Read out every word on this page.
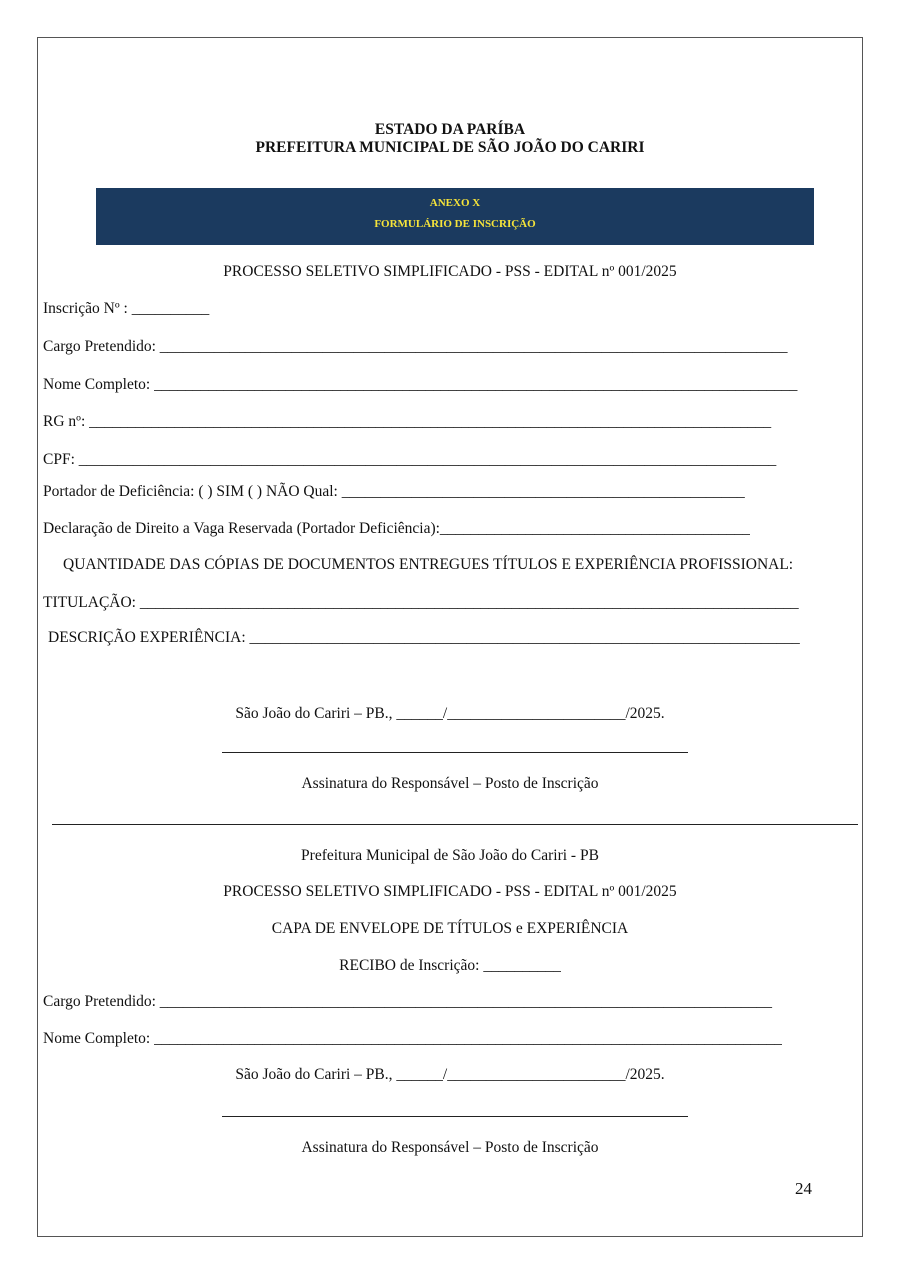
ESTADO DA PARÍBA
PREFEITURA MUNICIPAL DE SÃO JOÃO DO CARIRI
ANEXO X
FORMULÁRIO DE INSCRIÇÃO
PROCESSO SELETIVO SIMPLIFICADO - PSS - EDITAL nº 001/2025
Inscrição Nº : __________
Cargo Pretendido: _________________________________________________________________________________
Nome Completo: ___________________________________________________________________________________
RG nº: ________________________________________________________________________________________
CPF: __________________________________________________________________________________________
Portador de Deficiência: ( ) SIM ( ) NÃO Qual: ____________________________________________________
Declaração de Direito a Vaga Reservada (Portador Deficiência):________________________________________
QUANTIDADE DAS CÓPIAS DE DOCUMENTOS ENTREGUES TÍTULOS E EXPERIÊNCIA PROFISSIONAL:
TITULAÇÃO: _____________________________________________________________________________________
DESCRIÇÃO EXPERIÊNCIA: _______________________________________________________________________
São João do Cariri – PB., ______/_______________________/2025.
Assinatura do Responsável – Posto de Inscrição
Prefeitura Municipal de São João do Cariri - PB
PROCESSO SELETIVO SIMPLIFICADO - PSS - EDITAL nº 001/2025
CAPA DE ENVELOPE DE TÍTULOS e EXPERIÊNCIA
RECIBO de Inscrição: __________
Cargo Pretendido: _______________________________________________________________________________
Nome Completo: _________________________________________________________________________________
São João do Cariri – PB., ______/_______________________/2025.
Assinatura do Responsável – Posto de Inscrição
24
